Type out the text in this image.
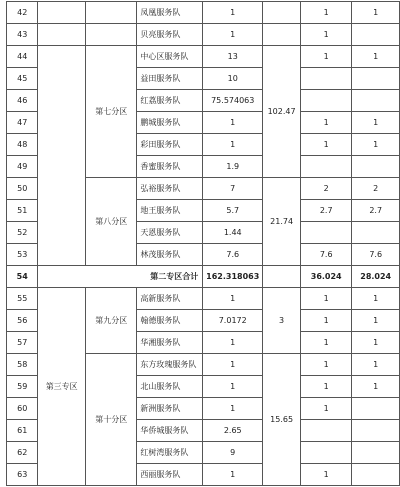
42			凤凰服务队	1		1	1
43			贝亮服务队	1		1	
44		第七分区	中心区服务队	13	102.47	1	1
45			益田服务队	10			
46			红荔服务队	75.574063			
47			鹏城服务队	1		1	1
48			彩田服务队	1		1	1
49			香蜜服务队	1.9			
50		第八分区	弘裕服务队	7	21.74	2	2
51			地王服务队	5.7		2.7	2.7
52			天恩服务队	1.44			
53			林茂服务队	7.6		7.6	7.6
54	第二专区合计			162.318063		36.024	28.024
55	第三专区	第九分区	高新服务队	1	3	1	1
56			翰德服务队	7.0172		1	1
57			华湘服务队	1		1	1
58		第十分区	东方玫瑰服务队	1	15.65	1	1
59			北山服务队	1		1	1
60			新洲服务队	1		1	
61			华侨城服务队	2.65			
62			红树湾服务队	9			
63			西丽服务队	1		1	
